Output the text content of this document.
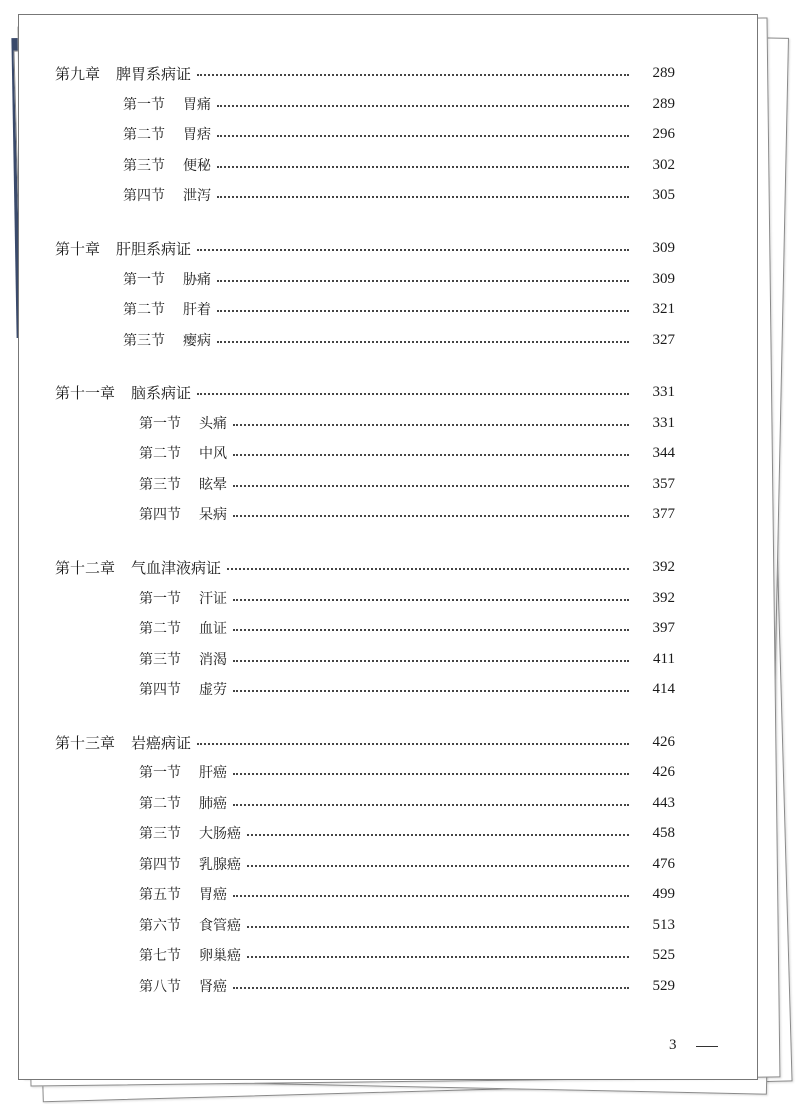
第九章 脾胃系病证	289
第一节 胃痛	289
第二节 胃痞	296
第三节 便秘	302
第四节 泄泻	305
第十章 肝胆系病证	309
第一节 胁痛	309
第二节 肝着	321
第三节 瘿病	327
第十一章 脑系病证	331
第一节 头痛	331
第二节 中风	344
第三节 眩晕	357
第四节 呆病	377
第十二章 气血津液病证	392
第一节 汗证	392
第二节 血证	397
第三节 消渴	411
第四节 虚劳	414
第十三章 岩癌病证	426
第一节 肝癌	426
第二节 肺癌	443
第三节 大肠癌	458
第四节 乳腺癌	476
第五节 胃癌	499
第六节 食管癌	513
第七节 卵巢癌	525
第八节 肾癌	529
3
